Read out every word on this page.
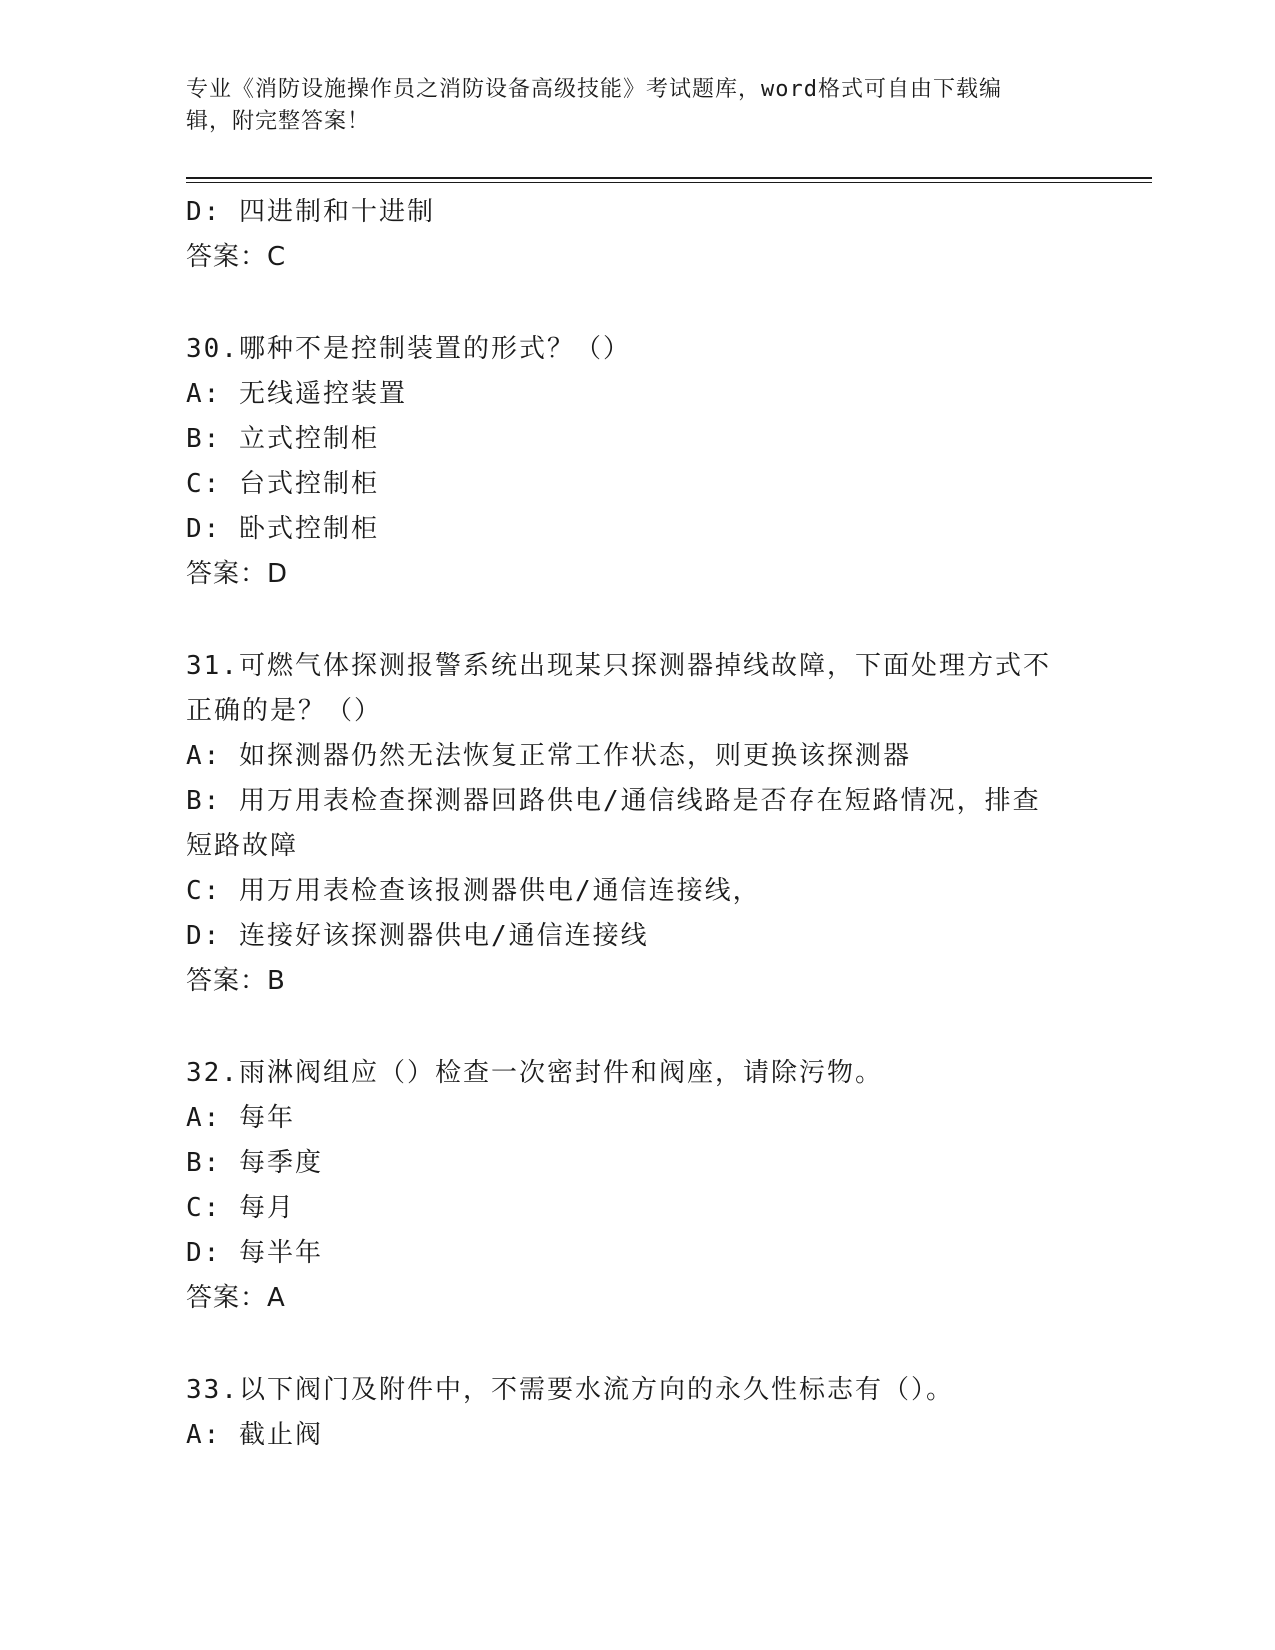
专业《消防设施操作员之消防设备高级技能》考试题库，word格式可自由下载编
辑，附完整答案！
D: 四进制和十进制
答案：C
30.哪种不是控制装置的形式？（）
A: 无线遥控装置
B: 立式控制柜
C: 台式控制柜
D: 卧式控制柜
答案：D
31.可燃气体探测报警系统出现某只探测器掉线故障，下面处理方式不
正确的是？（）
A: 如探测器仍然无法恢复正常工作状态，则更换该探测器
B: 用万用表检查探测器回路供电/通信线路是否存在短路情况，排查
短路故障
C: 用万用表检查该报测器供电/通信连接线，
D: 连接好该探测器供电/通信连接线
答案：B
32.雨淋阀组应（）检查一次密封件和阀座，请除污物。
A: 每年
B: 每季度
C: 每月
D: 每半年
答案：A
33.以下阀门及附件中，不需要水流方向的永久性标志有（）。
A: 截止阀
